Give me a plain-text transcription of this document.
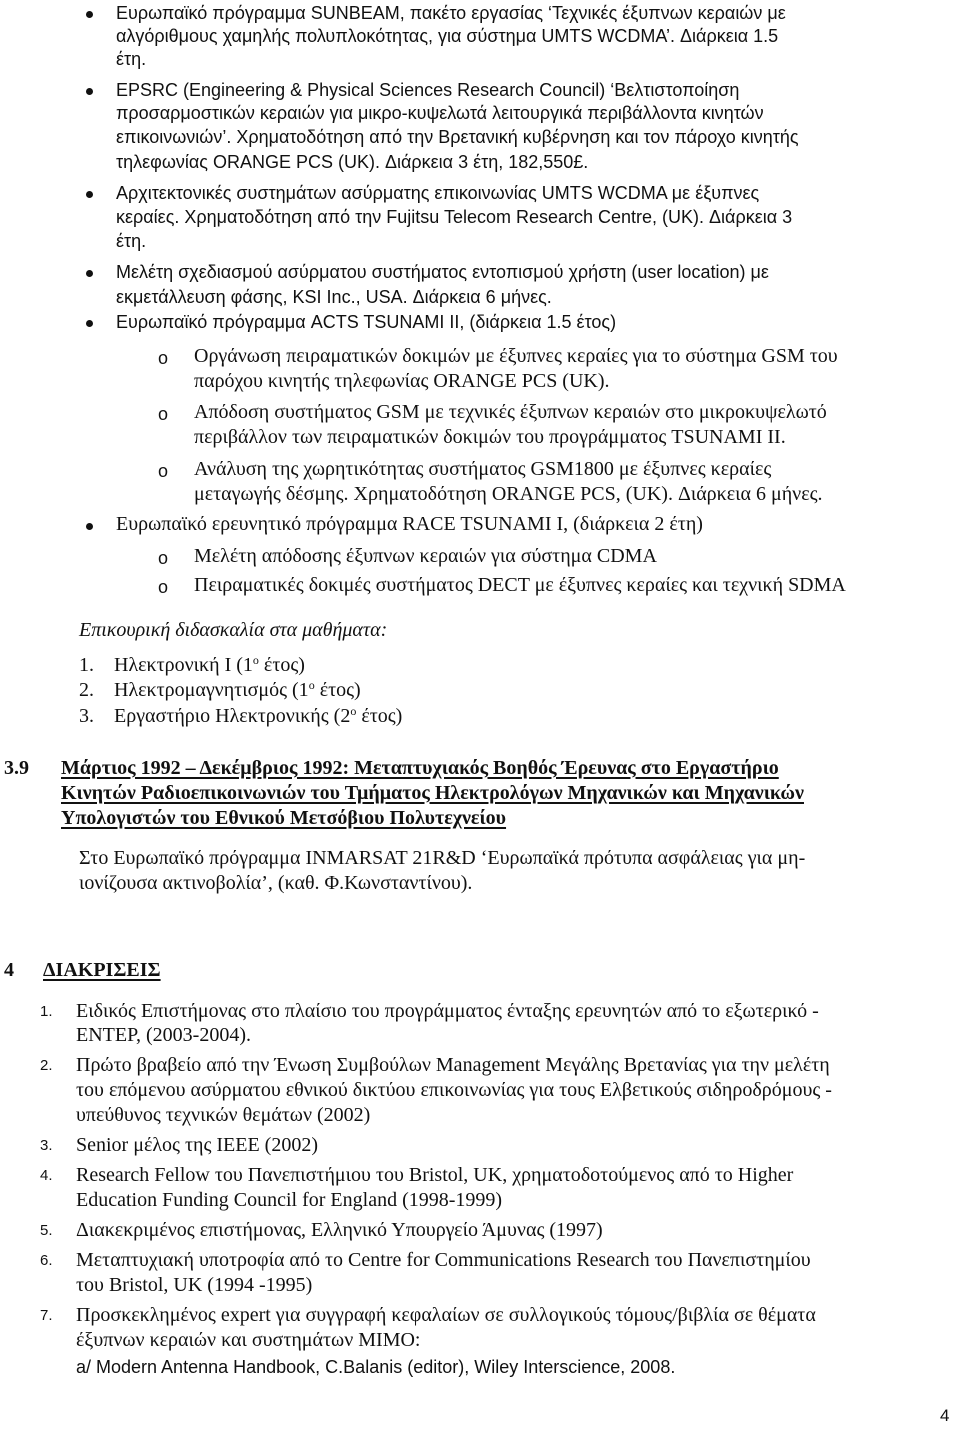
Ευρωπαϊκό πρόγραμμα SUNBEAM, πακέτο εργασίας ‘Τεχνικές έξυπνων κεραιών με
αλγόριθμους χαμηλής πολυπλοκότητας, για σύστημα UMTS WCDMA’. Διάρκεια 1.5
έτη.
EPSRC (Engineering & Physical Sciences Research Council) ‘Βελτιστοποίηση
προσαρμοστικών κεραιών για μικρο-κυψελωτά λειτουργικά περιβάλλοντα κινητών
επικοινωνιών’. Χρηματοδότηση από την Βρετανική κυβέρνηση και τον πάροχο κινητής
τηλεφωνίας ORANGE PCS (UK). Διάρκεια 3 έτη, 182,550£.
Αρχιτεκτονικές συστημάτων ασύρματης επικοινωνίας UMTS WCDMA με έξυπνες
κεραίες. Χρηματοδότηση από την Fujitsu Telecom Research Centre, (UK). Διάρκεια 3
έτη.
Μελέτη σχεδιασμού ασύρματου συστήματος εντοπισμού χρήστη (user location) με
εκμετάλλευση φάσης, KSI Inc., USA. Διάρκεια 6 μήνες.
Ευρωπαϊκό πρόγραμμα ACTS TSUNAMI II, (διάρκεια 1.5 έτος)
o Οργάνωση πειραματικών δοκιμών με έξυπνες κεραίες για το σύστημα GSM του
παρόχου κινητής τηλεφωνίας ORANGE PCS (UK).
o Απόδοση συστήματος GSM με τεχνικές έξυπνων κεραιών στο μικροκυψελωτό
περιβάλλον των πειραματικών δοκιμών του προγράμματος TSUNAMI II.
o Ανάλυση της χωρητικότητας συστήματος GSM1800 με έξυπνες κεραίες
μεταγωγής δέσμης. Χρηματοδότηση ORANGE PCS, (UK). Διάρκεια 6 μήνες.
Ευρωπαϊκό ερευνητικό πρόγραμμα RACE TSUNAMI I, (διάρκεια 2 έτη)
o Μελέτη απόδοσης έξυπνων κεραιών για σύστημα CDMA
o Πειραματικές δοκιμές συστήματος DECT με έξυπνες κεραίες και τεχνική SDMA
Επικουρική διδασκαλία στα μαθήματα:
1. Ηλεκτρονική Ι ($1^o$ έτος)
2. Ηλεκτρομαγνητισμός ($1^o$ έτος)
3. Εργαστήριο Ηλεκτρονικής ($2^o$ έτος)
3.9 Μάρτιος 1992 – Δεκέμβριος 1992: Μεταπτυχιακός Βοηθός Έρευνας στο Εργαστήριο
Κινητών Ραδιοεπικοινωνιών του Τμήματος Ηλεκτρολόγων Μηχανικών και Μηχανικών
Υπολογιστών του Εθνικού Μετσόβιου Πολυτεχνείου
Στο Ευρωπαϊκό πρόγραμμα INMARSAT 21R&D ‘Ευρωπαϊκά πρότυπα ασφάλειας για μη-
ιονίζουσα ακτινοβολία’, (καθ. Φ.Κωνσταντίνου).
4 ΔΙΑΚΡΙΣΕΙΣ
1. Ειδικός Επιστήμονας στο πλαίσιο του προγράμματος ένταξης ερευνητών από το εξωτερικό -
ENTEP, (2003-2004).
2. Πρώτο βραβείο από την Ένωση Συμβούλων Management Μεγάλης Βρετανίας για την μελέτη
του επόμενου ασύρματου εθνικού δικτύου επικοινωνίας για τους Ελβετικούς σιδηροδρόμους -
υπεύθυνος τεχνικών θεμάτων (2002)
3. Senior μέλος της IEEE (2002)
4. Research Fellow του Πανεπιστήμιου του Bristol, UK, χρηματοδοτούμενος από το Higher
Education Funding Council for England (1998-1999)
5. Διακεκριμένος επιστήμονας, Ελληνικό Υπουργείο Άμυνας (1997)
6. Μεταπτυχιακή υποτροφία από το Centre for Communications Research του Πανεπιστημίου
του Bristol, UK (1994 -1995)
7. Προσκεκλημένος expert για συγγραφή κεφαλαίων σε συλλογικούς τόμους/βιβλία σε θέματα
έξυπνων κεραιών και συστημάτων MIMO:
a/ Modern Antenna Handbook, C.Balanis (editor), Wiley Interscience, 2008.
4
